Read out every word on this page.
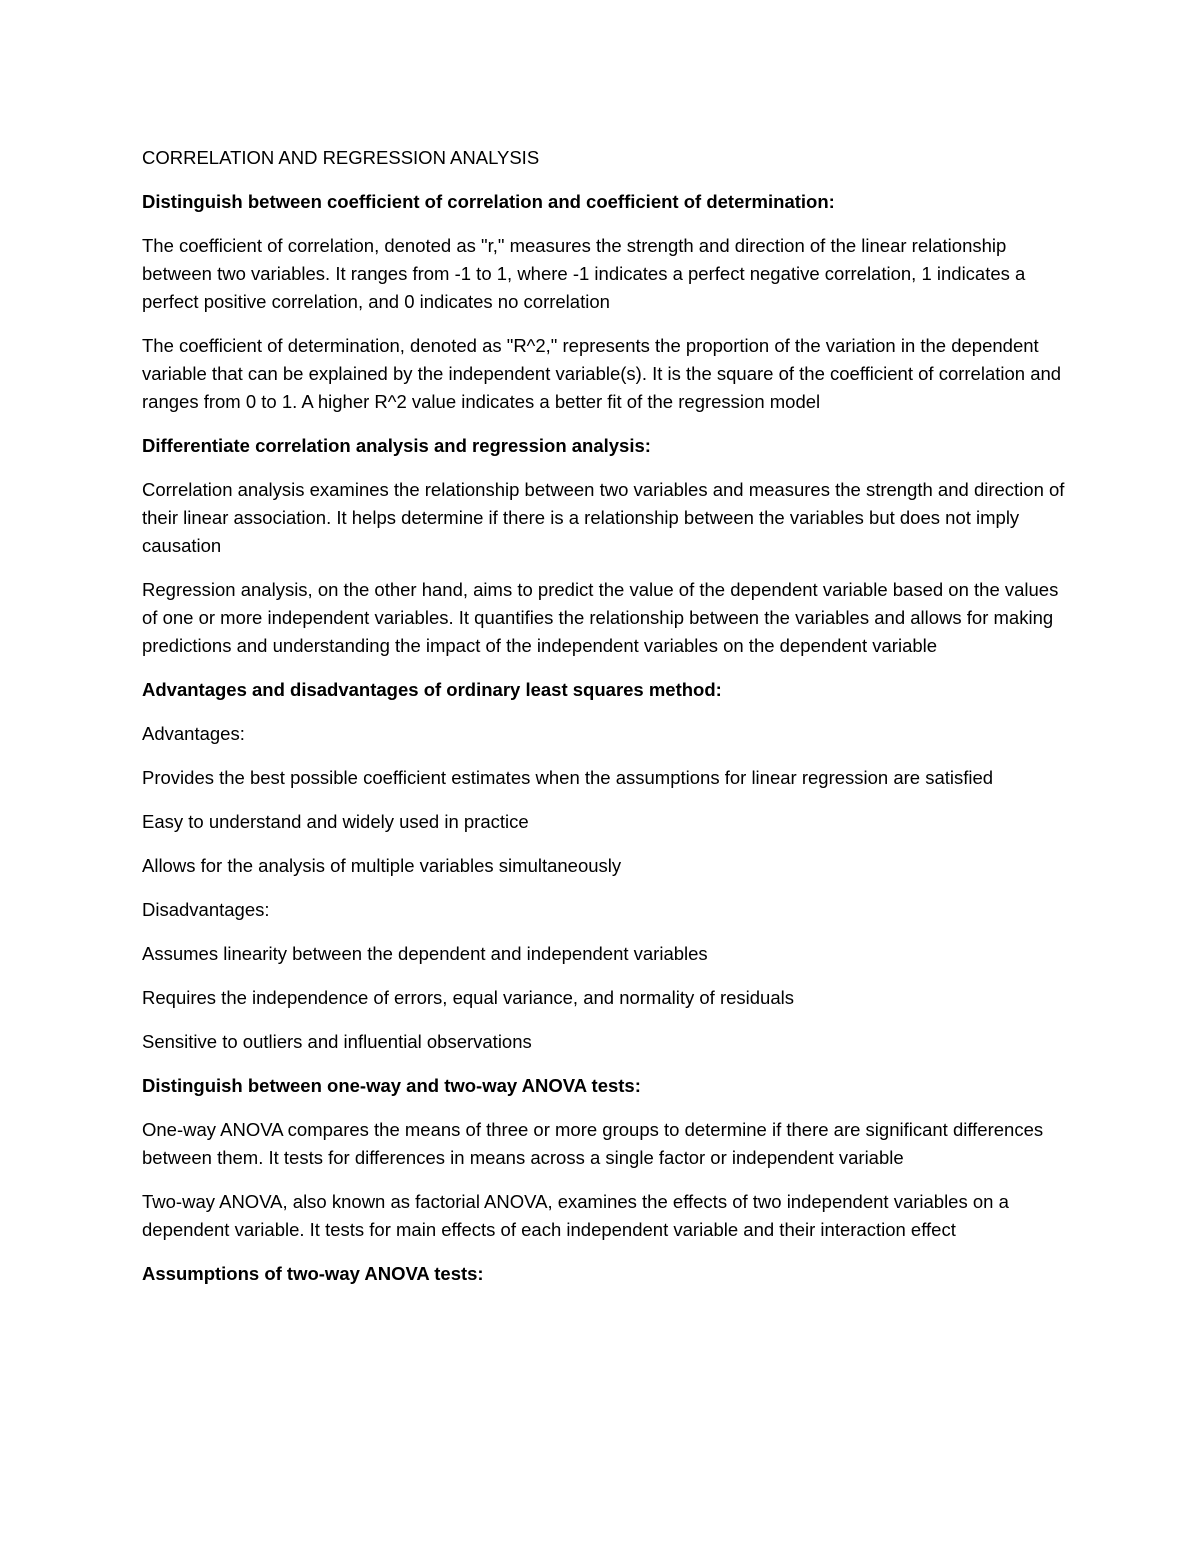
CORRELATION AND REGRESSION ANALYSIS

Distinguish between coefficient of correlation and coefficient of determination:

The coefficient of correlation, denoted as "r," measures the strength and direction of the linear relationship between two variables. It ranges from -1 to 1, where -1 indicates a perfect negative correlation, 1 indicates a perfect positive correlation, and 0 indicates no correlation

The coefficient of determination, denoted as "R^2," represents the proportion of the variation in the dependent variable that can be explained by the independent variable(s). It is the square of the coefficient of correlation and ranges from 0 to 1. A higher R^2 value indicates a better fit of the regression model

Differentiate correlation analysis and regression analysis:

Correlation analysis examines the relationship between two variables and measures the strength and direction of their linear association. It helps determine if there is a relationship between the variables but does not imply causation

Regression analysis, on the other hand, aims to predict the value of the dependent variable based on the values of one or more independent variables. It quantifies the relationship between the variables and allows for making predictions and understanding the impact of the independent variables on the dependent variable

Advantages and disadvantages of ordinary least squares method:

Advantages:

Provides the best possible coefficient estimates when the assumptions for linear regression are satisfied

Easy to understand and widely used in practice

Allows for the analysis of multiple variables simultaneously

Disadvantages:

Assumes linearity between the dependent and independent variables

Requires the independence of errors, equal variance, and normality of residuals

Sensitive to outliers and influential observations

Distinguish between one-way and two-way ANOVA tests:

One-way ANOVA compares the means of three or more groups to determine if there are significant differences between them. It tests for differences in means across a single factor or independent variable

Two-way ANOVA, also known as factorial ANOVA, examines the effects of two independent variables on a dependent variable. It tests for main effects of each independent variable and their interaction effect

Assumptions of two-way ANOVA tests:
